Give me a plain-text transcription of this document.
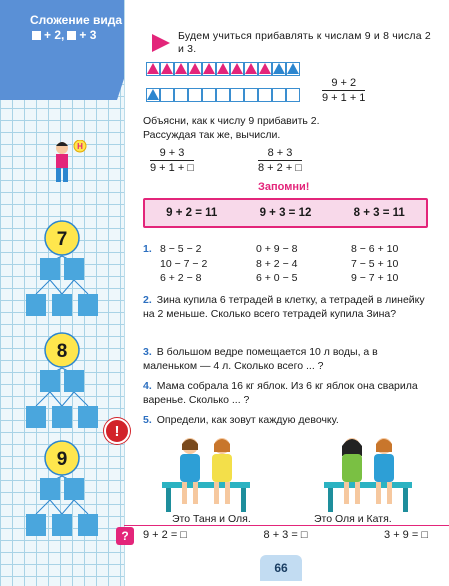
Сложение вида
+ 2, + 3	Будем учиться прибавлять к числам 9 и 8 числа 2 и 3.
$\frac{9 + 2}{9 + 1 + 1}$
Объясни, как к числу 9 прибавить 2.
Рассуждая так же, вычисли.
$\frac{9 + 3}{9 + 1 + □}$	$\frac{8 + 3}{8 + 2 + □}$
Запомни!
9 + 2 = 11	9 + 3 = 12	8 + 3 = 11
1. 8 − 5 − 2	0 + 9 − 8	8 − 6 + 10
10 − 7 − 2	8 + 2 − 4	7 − 5 + 10
6 + 2 − 8	6 + 0 − 5	9 − 7 + 10
2. Зина купила 6 тетрадей в клетку, а тетрадей в линейку на 2 меньше. Сколько всего тетрадей купила Зина?
3. В большом ведре помещается 10 л воды, а в маленьком — 4 л. Сколько всего ... ?
4. Мама собрала 16 кг яблок. Из 6 кг яблок она сварила варенье. Сколько ... ?
5. Определи, как зовут каждую девочку.
Это Таня и Оля.	Это Оля и Катя.
?	9 + 2 = □	8 + 3 = □	3 + 9 = □
66
!
Н
7
8
9
